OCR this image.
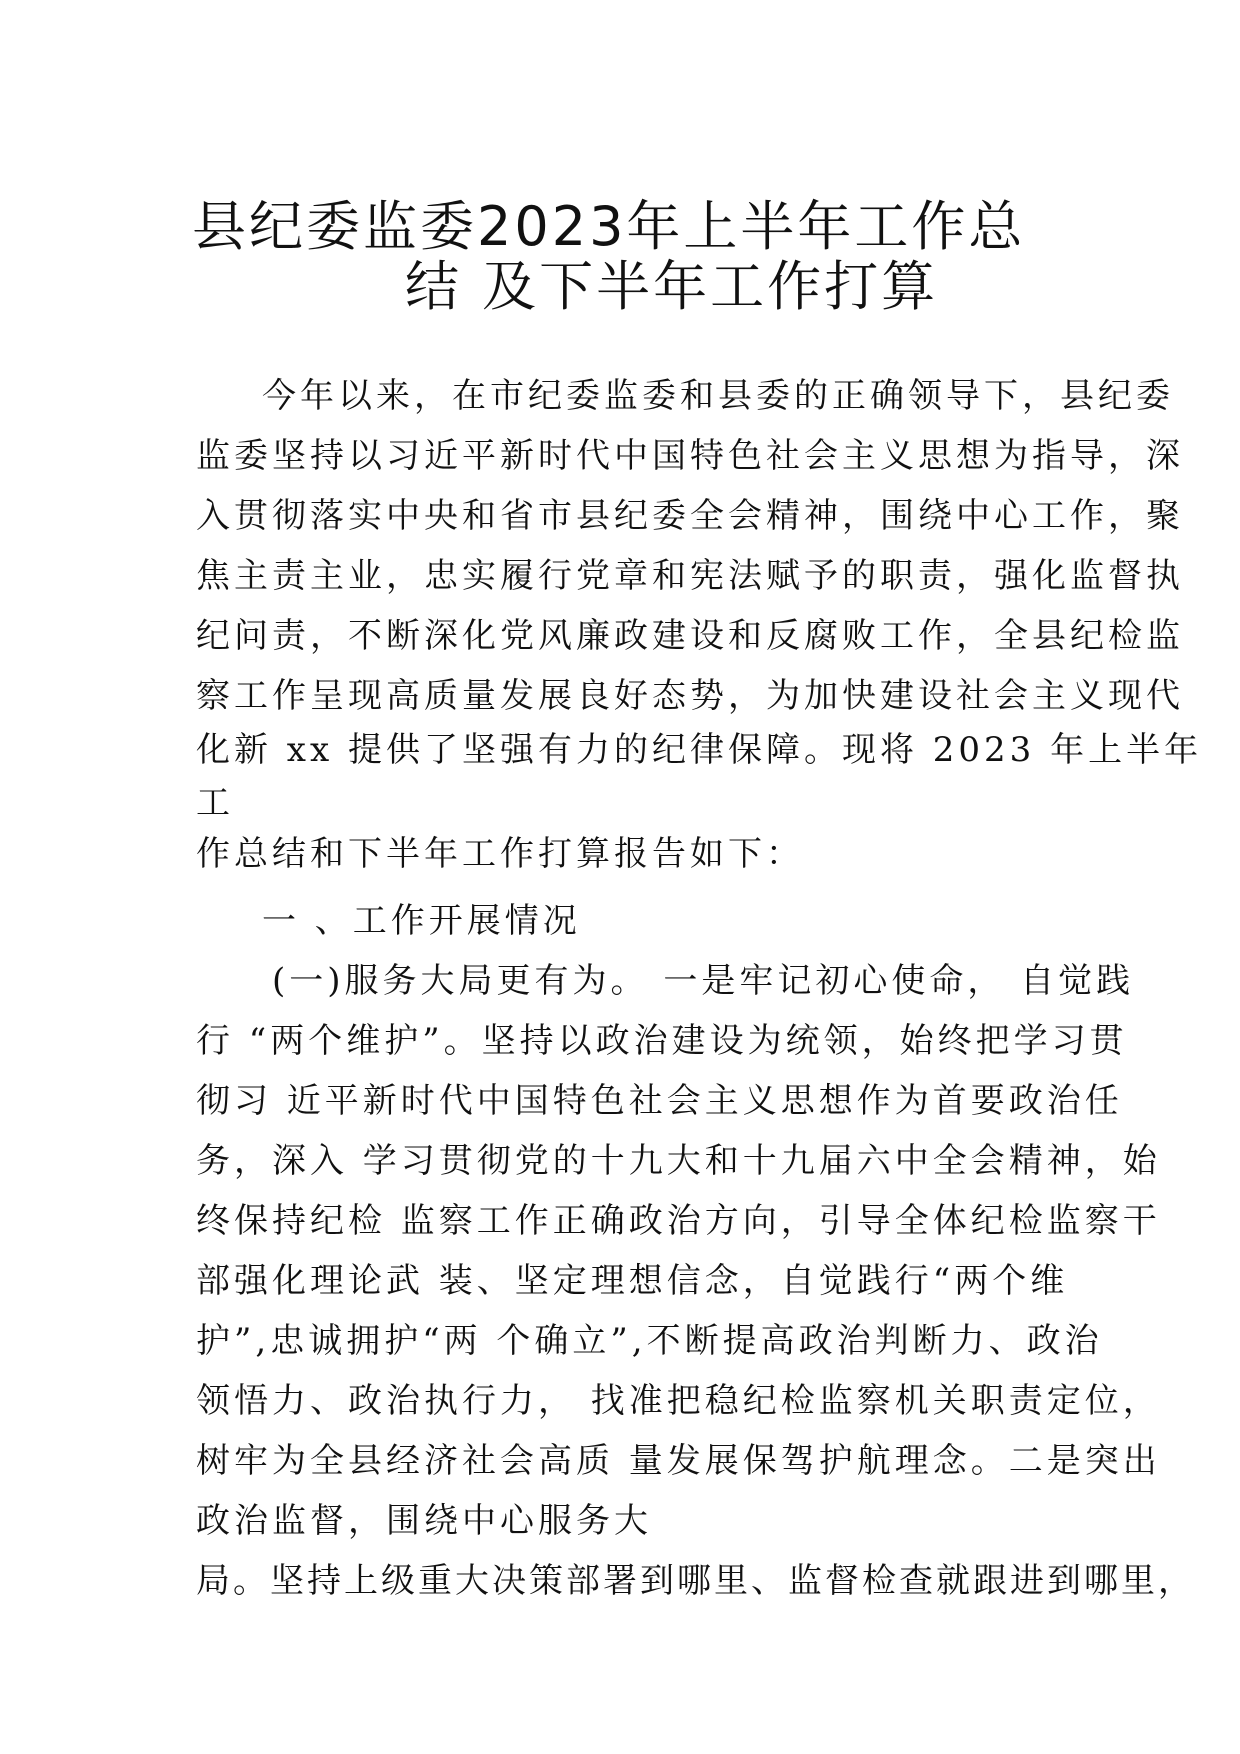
县纪委监委2023年上半年工作总
结 及下半年工作打算
今年以来，在市纪委监委和县委的正确领导下，县纪委
监委坚持以习近平新时代中国特色社会主义思想为指导，深
入贯彻落实中央和省市县纪委全会精神，围绕中心工作，聚
焦主责主业，忠实履行党章和宪法赋予的职责，强化监督执
纪问责，不断深化党风廉政建设和反腐败工作，全县纪检监
察工作呈现高质量发展良好态势，为加快建设社会主义现代
化新 xx 提供了坚强有力的纪律保障。现将 2023 年上半年
工
作总结和下半年工作打算报告如下：
一 、工作开展情况
(一)服务大局更有为。 一是牢记初心使命， 自觉践
行 “两个维护”。坚持以政治建设为统领，始终把学习贯
彻习 近平新时代中国特色社会主义思想作为首要政治任
务，深入 学习贯彻党的十九大和十九届六中全会精神，始
终保持纪检 监察工作正确政治方向，引导全体纪检监察干
部强化理论武 装、坚定理想信念，自觉践行“两个维
护”,忠诚拥护“两 个确立”,不断提高政治判断力、政治
领悟力、政治执行力， 找准把稳纪检监察机关职责定位，
树牢为全县经济社会高质 量发展保驾护航理念。二是突出
政治监督，围绕中心服务大
局。坚持上级重大决策部署到哪里、监督检查就跟进到哪里，
